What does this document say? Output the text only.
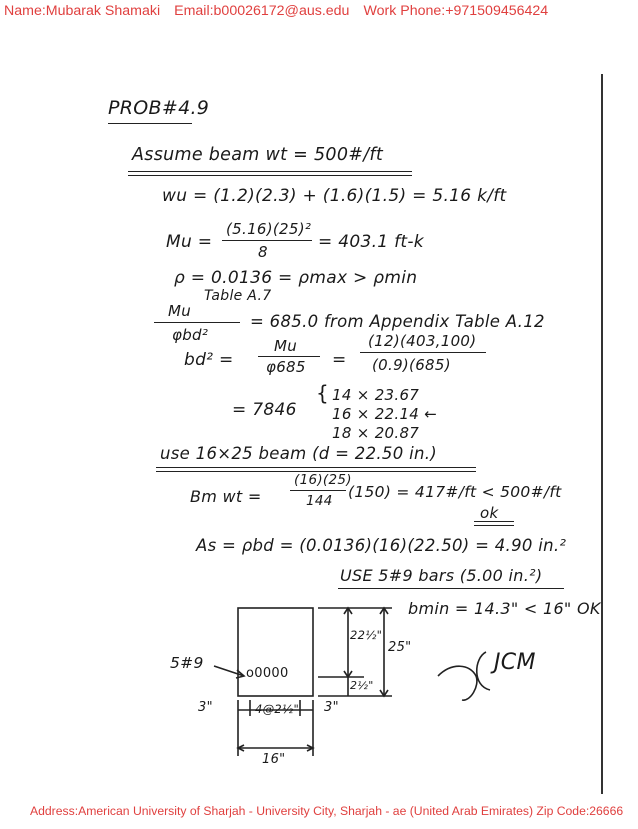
Name:Mubarak Shamaki Email:b00026172@aus.edu Work Phone:+971509456424
PROB#4.9
Assume beam wt = 500#/ft
wu = (1.2)(2.3) + (1.6)(1.5) = 5.16 k/ft
Mu =
(5.16)(25)²
8	= 403.1 ft-k
ρ = 0.0136 = ρmax > ρmin
Table A.7
Mu
φbd²
= 685.0 from Appendix Table A.12
bd² =
Mu
φ685 =
(12)(403,100)
(0.9)(685)
= 7846
{ 14 × 23.67
16 × 22.14 ←
18 × 20.87
use 16×25 beam (d = 22.50 in.)
Bm wt =
(16)(25)
144 (150) = 417#/ft < 500#/ft
ok
As = ρbd = (0.0136)(16)(22.50) = 4.90 in.²
USE 5#9 bars (5.00 in.²)
bmin = 14.3" < 16" OK
5#9
o0000
22½"
25"
2½"
3"	3"
4@2½"
16"
JCM
Address:American University of Sharjah - University City, Sharjah - ae (United Arab Emirates) Zip Code:26666
